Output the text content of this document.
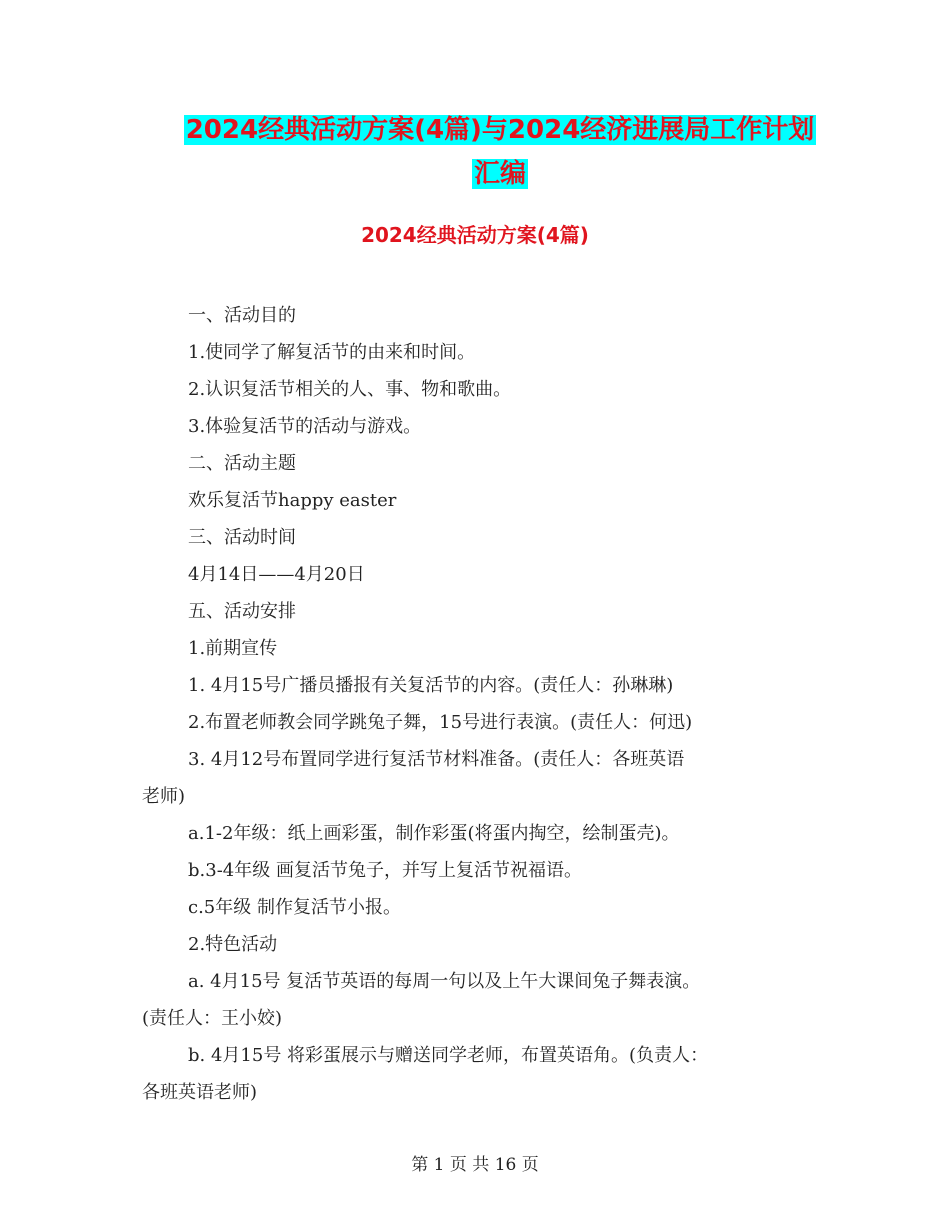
2024经典活动方案(4篇)与2024经济进展局工作计划
汇编
2024经典活动方案(4篇)
一、活动目的
1.使同学了解复活节的由来和时间。
2.认识复活节相关的人、事、物和歌曲。
3.体验复活节的活动与游戏。
二、活动主题
欢乐复活节happy easter
三、活动时间
4月14日——4月20日
五、活动安排
1.前期宣传
1. 4月15号广播员播报有关复活节的内容。(责任人：孙琳琳)
2.布置老师教会同学跳兔子舞，15号进行表演。(责任人：何迅)
3. 4月12号布置同学进行复活节材料准备。(责任人：各班英语
老师)
a.1-2年级：纸上画彩蛋，制作彩蛋(将蛋内掏空，绘制蛋壳)。
b.3-4年级 画复活节兔子，并写上复活节祝福语。
c.5年级 制作复活节小报。
2.特色活动
a. 4月15号 复活节英语的每周一句以及上午大课间兔子舞表演。
(责任人：王小姣)
b. 4月15号 将彩蛋展示与赠送同学老师，布置英语角。(负责人：
各班英语老师)
第 1 页 共 16 页
